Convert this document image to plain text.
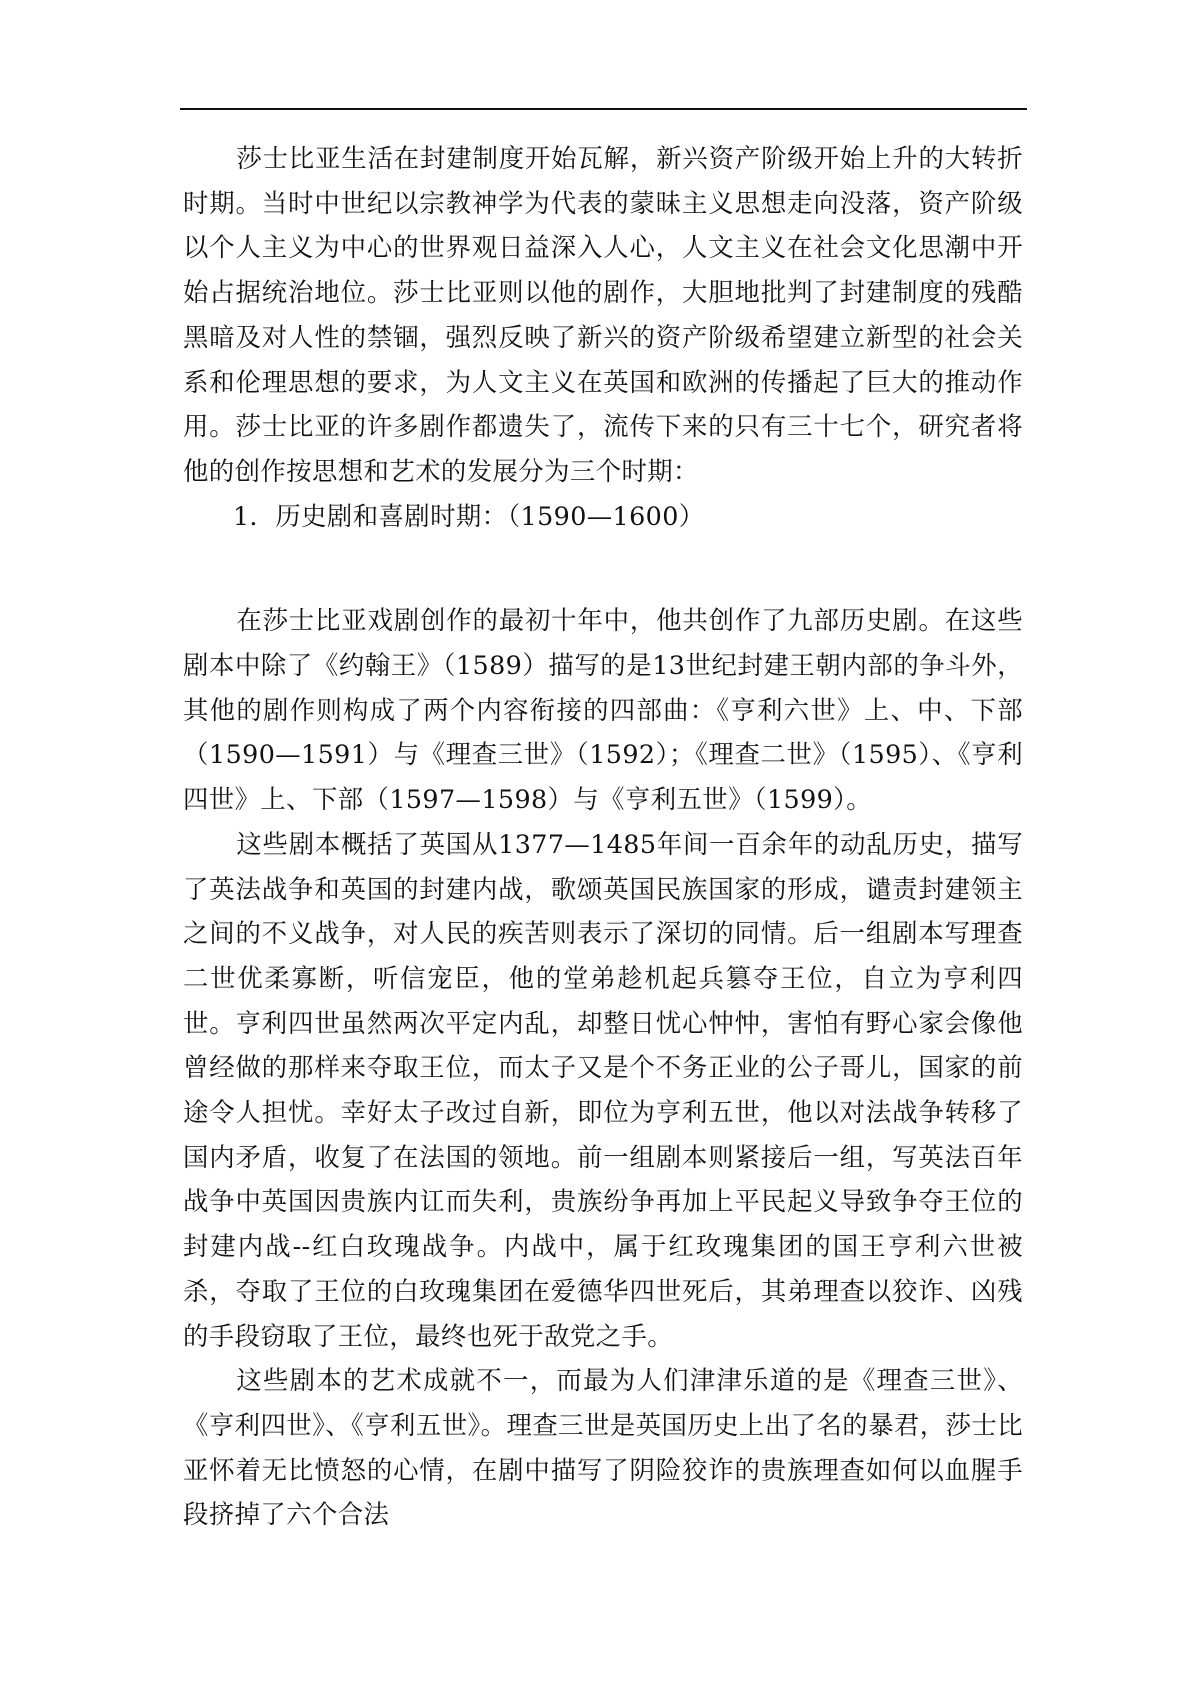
莎士比亚生活在封建制度开始瓦解，新兴资产阶级开始上升的大转折时期。当时中世纪以宗教神学为代表的蒙昧主义思想走向没落，资产阶级以个人主义为中心的世界观日益深入人心，人文主义在社会文化思潮中开始占据统治地位。莎士比亚则以他的剧作，大胆地批判了封建制度的残酷黑暗及对人性的禁锢，强烈反映了新兴的资产阶级希望建立新型的社会关系和伦理思想的要求，为人文主义在英国和欧洲的传播起了巨大的推动作用。莎士比亚的许多剧作都遗失了，流传下来的只有三十七个，研究者将他的创作按思想和艺术的发展分为三个时期：

1．历史剧和喜剧时期：（1590—1600）

在莎士比亚戏剧创作的最初十年中，他共创作了九部历史剧。在这些剧本中除了《约翰王》（1589）描写的是13世纪封建王朝内部的争斗外，其他的剧作则构成了两个内容衔接的四部曲：《亨利六世》上、中、下部（1590—1591）与《理查三世》（1592）；《理查二世》（1595）、《亨利四世》上、下部（1597—1598）与《亨利五世》（1599）。

这些剧本概括了英国从1377—1485年间一百余年的动乱历史，描写了英法战争和英国的封建内战，歌颂英国民族国家的形成，谴责封建领主之间的不义战争，对人民的疾苦则表示了深切的同情。后一组剧本写理查二世优柔寡断，听信宠臣，他的堂弟趁机起兵篡夺王位，自立为亨利四世。亨利四世虽然两次平定内乱，却整日忧心忡忡，害怕有野心家会像他曾经做的那样来夺取王位，而太子又是个不务正业的公子哥儿，国家的前途令人担忧。幸好太子改过自新，即位为亨利五世，他以对法战争转移了国内矛盾，收复了在法国的领地。前一组剧本则紧接后一组，写英法百年战争中英国因贵族内讧而失利，贵族纷争再加上平民起义导致争夺王位的封建内战--红白玫瑰战争。内战中，属于红玫瑰集团的国王亨利六世被杀，夺取了王位的白玫瑰集团在爱德华四世死后，其弟理查以狡诈、凶残的手段窃取了王位，最终也死于敌党之手。

这些剧本的艺术成就不一，而最为人们津津乐道的是《理查三世》、《亨利四世》、《亨利五世》。理查三世是英国历史上出了名的暴君，莎士比亚怀着无比愤怒的心情，在剧中描写了阴险狡诈的贵族理查如何以血腥手段挤掉了六个合法
